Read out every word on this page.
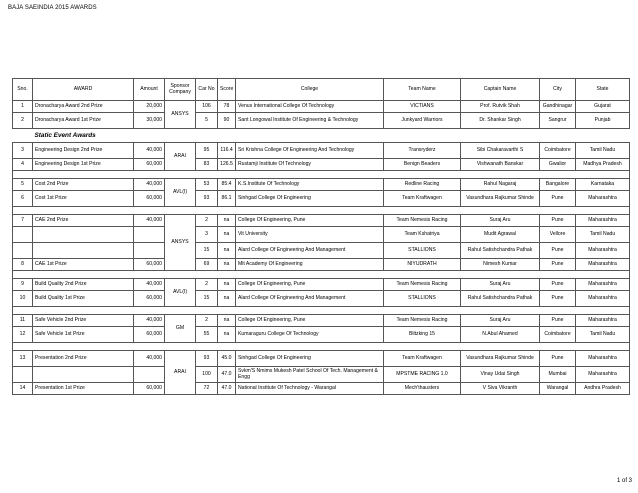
BAJA SAEINDIA 2015 AWARDS
Sno.	AWARD	Amount	Sponsor Company	Car No	Score	College	Team Name	Captain Name	City	State
1	Dronacharya Award 2nd Prize	20,000	ANSYS	106	78	Venus International College Of Technology	VICTIANS	Prof. Rutvik Shah	Gandhinagar	Gujarat
2	Dronacharya Award 1st Prize	30,000		5	90	Sant Longowal Institute Of Engineering & Technology	Junkyard Warriors	Dr. Shankar Singh	Sangrur	Punjab
Static Event Awards										
3	Engineering Design 2nd Prize	40,000	ARAI	95	116.4	Sri Krishna College Of Engineering And Technology	Transryderz	Sibi Chakaravarthi S	Coimbatore	Tamil Nadu
4	Engineering Design 1st Prize	60,000		83	126.5	Rustamji Institute Of Technology	Benign Beaders	Vishwanath Banskar	Gwalior	Madhya Pradesh

5	Cost 2nd Prize	40,000	AVL(I)	53	85.4	K.S.Institute Of Technology	Redline Racing	Rahul Nagaraj	Bangalore	Karnataka
6	Cost 1st Prize	60,000		93	86.1	Sinhgad College Of Engineering	Team Kraftwagen	Vasundhara Rajkumar Shinde	Pune	Maharashtra

7	CAE 2nd Prize	40,000	ANSYS	2	na	College Of Engineering, Pune	Team Nemesis Racing	Suraj Aru	Pune	Maharashtra
				3	na	Vit University	Team Kshatriya	Mudit Agrawal	Vellore	Tamil Nadu
				15	na	Alard College Of Engineering And Management	STALLIONS	Rahul Satishchandra Pathak	Pune	Maharashtra
8	CAE 1st Prize	60,000		69	na	Mit Academy Of Engineering	NIYUDRATH	Nimesh Kumar	Pune	Maharashtra

9	Build Quality 2nd Prize	40,000	AVL(I)	2	na	College Of Engineering, Pune	Team Nemesis Racing	Suraj Aru	Pune	Maharashtra
10	Build Quality 1st Prize	60,000		15	na	Alard College Of Engineering And Management	STALLIONS	Rahul Satishchandra Pathak	Pune	Maharashtra

11	Safe Vehicle 2nd Prize	40,000	GM	2	na	College Of Engineering, Pune	Team Nemesis Racing	Suraj Aru	Pune	Maharashtra
12	Safe Vehicle 1st Prize	60,000		55	na	Kumaraguru College Of Technology	Blitzking 15	N.Abul Ahamed	Coimbatore	Tamil Nadu

13	Presentation 2nd Prize	40,000	ARAI	93	45.0	Sinhgad College Of Engineering	Team Kraftwagen	Vasundhara Rajkumar Shinde	Pune	Maharashtra
				100	47.0	Svkm'S Nmims Mukesh Patel School Of Tech. Management & Engg	MPSTME RACING 1.0	Vinay Udai Singh	Mumbai	Maharashtra
14	Presentation 1st Prize	60,000		72	47.0	National Institute Of Technology - Warangal	Mech'thausters	V Siva Vikranth	Warangal	Andhra Pradesh
1 of 3
